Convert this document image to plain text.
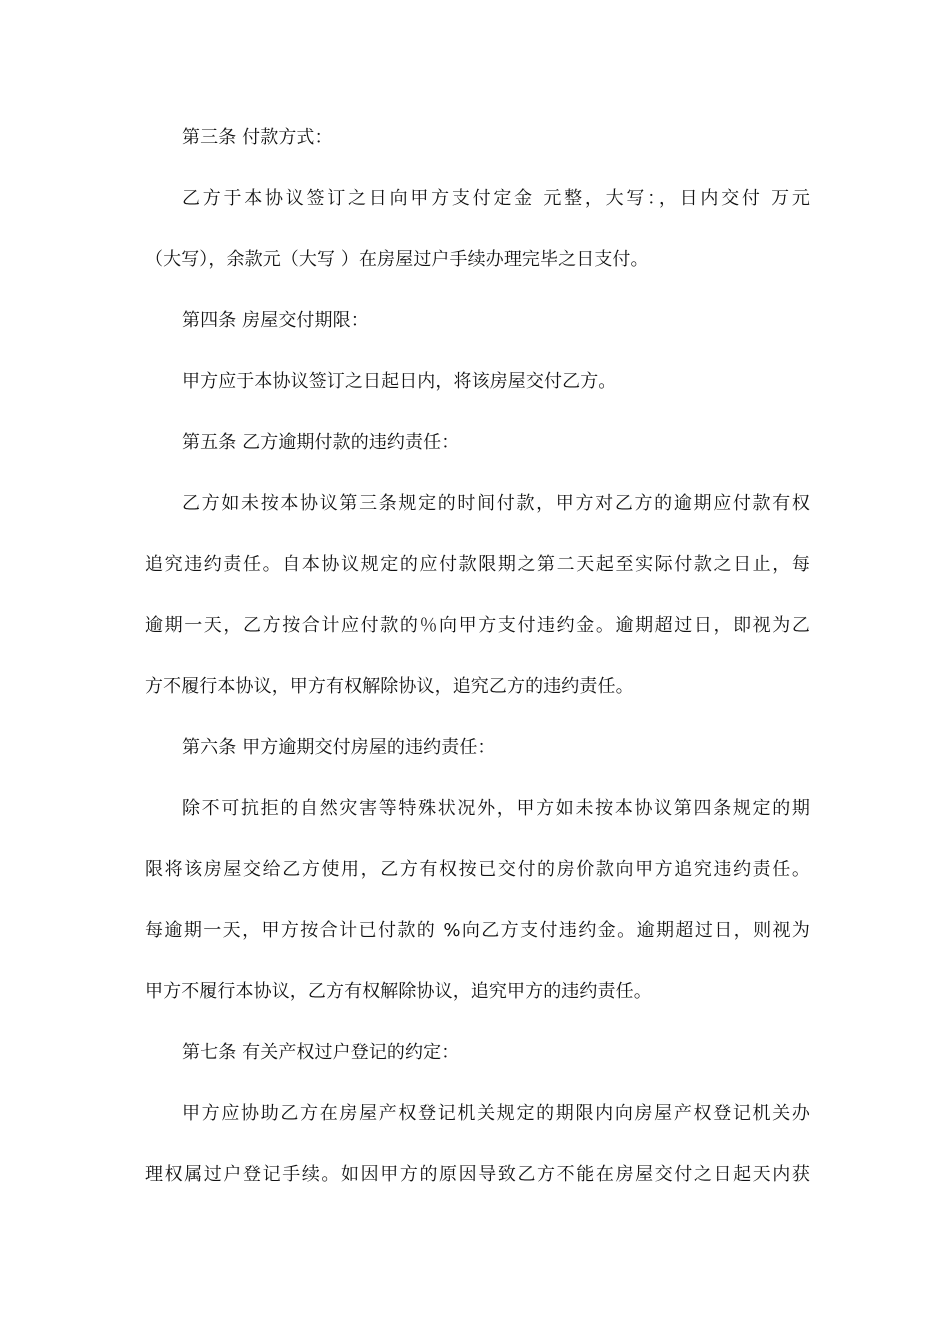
第三条 付款方式：
乙方于本协议签订之日向甲方支付定金 元整，大写：，日内交付 万元
（大写），余款元（大写 ）在房屋过户手续办理完毕之日支付。
第四条 房屋交付期限：
甲方应于本协议签订之日起日内，将该房屋交付乙方。
第五条 乙方逾期付款的违约责任：
乙方如未按本协议第三条规定的时间付款，甲方对乙方的逾期应付款有权
追究违约责任。自本协议规定的应付款限期之第二天起至实际付款之日止，每
逾期一天，乙方按合计应付款的％向甲方支付违约金。逾期超过日，即视为乙
方不履行本协议，甲方有权解除协议，追究乙方的违约责任。
第六条 甲方逾期交付房屋的违约责任：
除不可抗拒的自然灾害等特殊状况外，甲方如未按本协议第四条规定的期
限将该房屋交给乙方使用，乙方有权按已交付的房价款向甲方追究违约责任。
每逾期一天，甲方按合计已付款的 %向乙方支付违约金。逾期超过日，则视为
甲方不履行本协议，乙方有权解除协议，追究甲方的违约责任。
第七条 有关产权过户登记的约定：
甲方应协助乙方在房屋产权登记机关规定的期限内向房屋产权登记机关办
理权属过户登记手续。如因甲方的原因导致乙方不能在房屋交付之日起天内获
